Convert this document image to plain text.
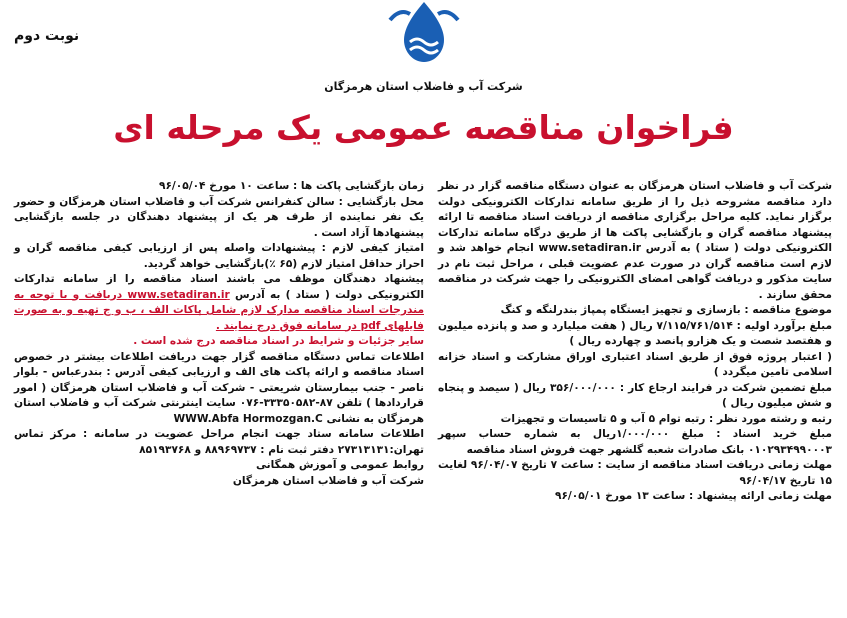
نوبت دوم
شرکت آب و فاضلاب استان هرمزگان
فراخوان مناقصه عمومی یک مرحله ای

شرکت آب و فاضلاب استان هرمزگان به عنوان دستگاه مناقصه گزار در نظر دارد مناقصه مشروحه ذیل را از طریق سامانه تدارکات الکترونیکی دولت برگزار نماید. کلیه مراحل برگزاری مناقصه از دریافت اسناد مناقصه تا ارائه پیشنهاد مناقصه گران و بازگشایی پاکت ها از طریق درگاه سامانه تدارکات الکترونیکی دولت ( ستاد ) به آدرس www.setadiran.ir انجام خواهد شد و لازم است مناقصه گران در صورت عدم عضویت قبلی ، مراحل ثبت نام در سایت مذکور و دریافت گواهی امضای الکترونیکی را جهت شرکت در مناقصه محقق سازند .

موضوع مناقصه : بازسازی و تجهیز ایستگاه پمپاژ بندرلنگه و کنگ

مبلغ برآورد اولیه : ۷/۱۱۵/۷۶۱/۵۱۴ ریال ( هفت میلیارد و صد و پانزده میلیون و هفتصد شصت و یک هزارو پانصد و چهارده ریال )

( اعتبار پروژه فوق از طریق اسناد اعتباری اوراق مشارکت و اسناد خزانه اسلامی تامین میگردد )

مبلغ تضمین شرکت در فرایند ارجاع کار : ۳۵۶/۰۰۰/۰۰۰ ریال ( سیصد و پنجاه و شش میلیون ریال )

رتبه و رشته مورد نظر : رتبه توام ۵ آب و ۵ تاسیسات و تجهیزات

مبلغ خرید اسناد : مبلغ ۱/۰۰۰/۰۰۰ریال به شماره حساب سپهر ۰۱۰۲۹۳۴۹۹۰۰۰۳ بانک صادرات شعبه گلشهر جهت فروش اسناد مناقصه

مهلت زمانی دریافت اسناد مناقصه از سایت : ساعت ۷ تاریخ ۹۶/۰۴/۰۷ لغایت ۱۵ تاریخ ۹۶/۰۴/۱۷

مهلت زمانی ارائه پیشنهاد : ساعت ۱۳ مورخ ۹۶/۰۵/۰۱

زمان بازگشایی پاکت ها : ساعت ۱۰ مورخ ۹۶/۰۵/۰۴

محل بازگشایی : سالن کنفرانس شرکت آب و فاضلاب استان هرمزگان و حضور یک نفر نماینده از طرف هر یک از پیشنهاد دهندگان در جلسه بازگشایی پیشنهادها آزاد است .

امتیاز کیفی لازم : پیشنهادات واصله پس از ارزیابی کیفی مناقصه گران و احراز حداقل امتیاز لازم (۶۵ ٪)بازگشایی خواهد گردید.

پیشنهاد دهندگان موظف می باشند اسناد مناقصه را از سامانه تدارکات الکترونیکی دولت ( ستاد ) به آدرس www.setadiran.ir دریافت و با توجه به مندرجات اسناد مناقصه مدارک لازم شامل پاکات الف ، ب و ج تهیه و به صورت فایلهای pdf در سامانه فوق درج نمایند .

سایر جزئیات و شرایط در اسناد مناقصه درج شده است .

اطلاعات تماس دستگاه مناقصه گزار جهت دریافت اطلاعات بیشتر در خصوص اسناد مناقصه و ارائه پاکت های الف و ارزیابی کیفی آدرس : بندرعباس - بلوار ناصر - جنب بیمارستان شریعتی - شرکت آب و فاضلاب استان هرمزگان ( امور قراردادها ) تلفن ۸۷-۳۳۳۵۰۵۸۲-۰۷۶ سایت اینترنتی شرکت آب و فاضلاب استان هرمزگان به نشانی WWW.Abfa Hormozgan.C

اطلاعات سامانه ستاد جهت انجام مراحل عضویت در سامانه : مرکز تماس تهران:۲۷۳۱۳۱۳۱ دفتر ثبت نام : ۸۸۹۶۹۷۳۷ و ۸۵۱۹۳۷۶۸

روابط عمومی و آموزش همگانی

شرکت آب و فاضلاب استان هرمزگان
